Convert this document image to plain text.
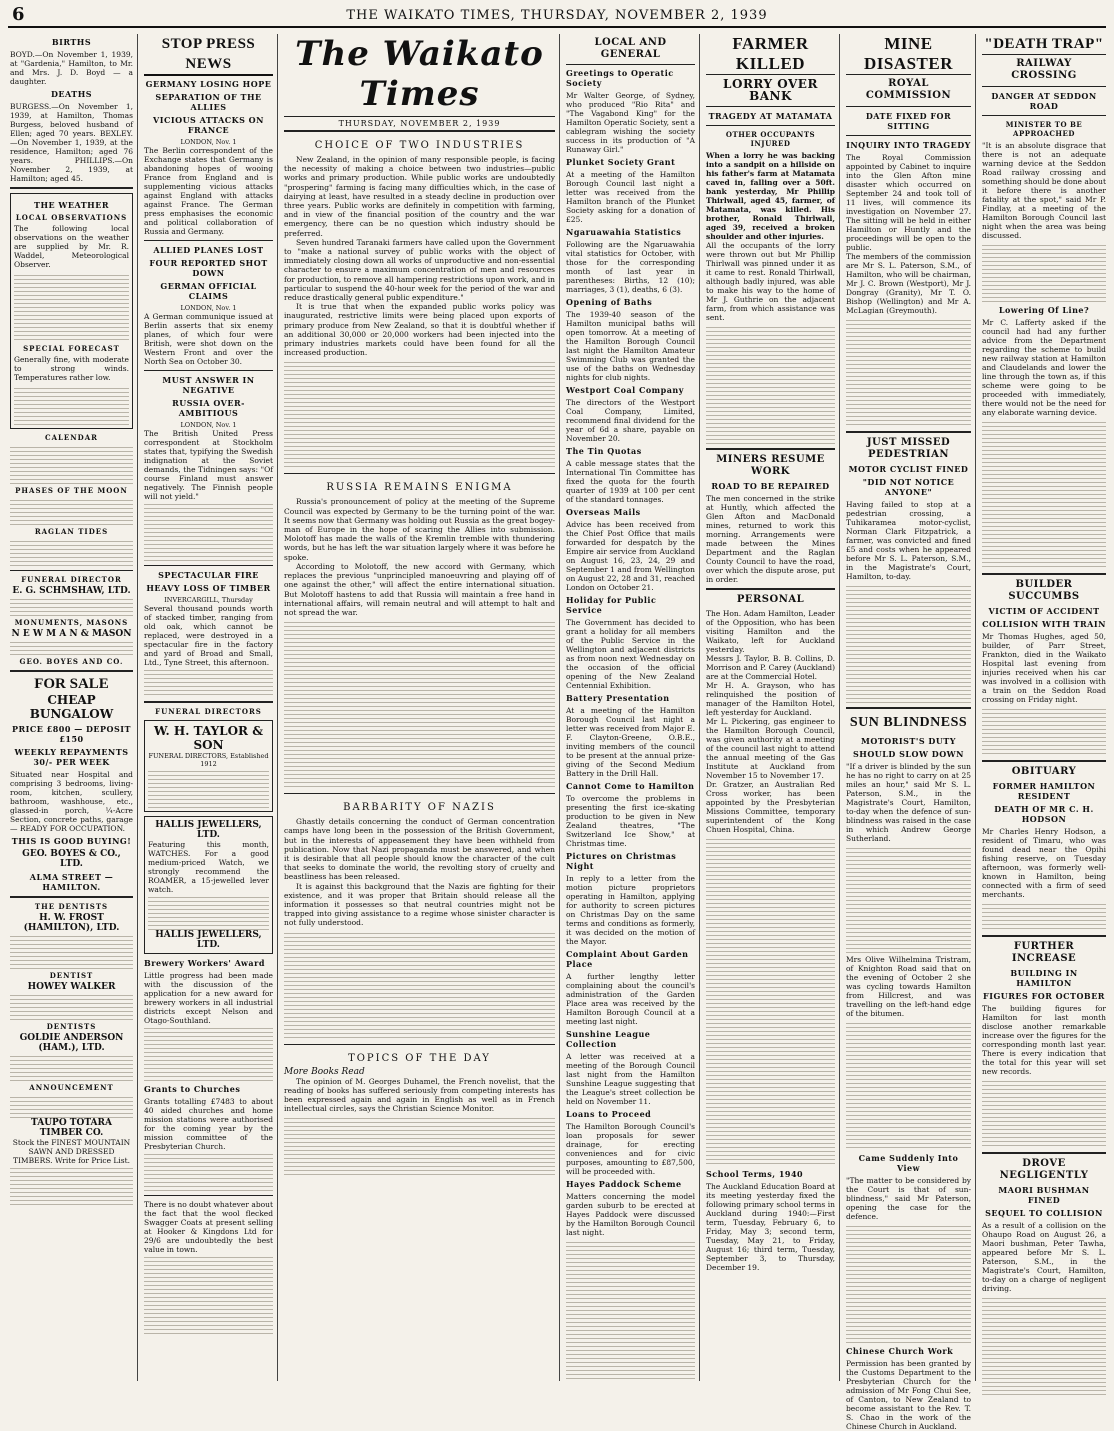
6	THE WAIKATO TIMES, THURSDAY, NOVEMBER 2, 1939
BIRTHS
BOYD.—On November 1, 1939, at "Gardenia," Hamilton, to Mr. and Mrs. J. D. Boyd — a daughter.
DEATHS
BURGESS.—On November 1, 1939, at Hamilton, Thomas Burgess, beloved husband of Ellen; aged 70 years. BEXLEY.—On November 1, 1939, at the residence, Hamilton; aged 76 years. PHILLIPS.—On November 2, 1939, at Hamilton; aged 45.
THE WEATHER
LOCAL OBSERVATIONS
The following local observations on the weather are supplied by Mr. R. Waddel, Meteorological Observer.
SPECIAL FORECAST
Generally fine, with moderate to strong winds. Temperatures rather low.
CALENDAR
PHASES OF THE MOON
RAGLAN TIDES
FUNERAL DIRECTOR
E. G. SCHMSHAW, LTD.
MONUMENTS, MASONS
N E W M A N & MASON
GEO. BOYES AND CO.
FOR SALE
CHEAP BUNGALOW
PRICE £800 — DEPOSIT £150
WEEKLY REPAYMENTS 30/- PER WEEK
Situated near Hospital and comprising 3 bedrooms, living-room, kitchen, scullery, bathroom, washhouse, etc., glassed-in porch, ¼-Acre Section, concrete paths, garage— READY FOR OCCUPATION.
THIS IS GOOD BUYING!
GEO. BOYES & CO., LTD.
ALMA STREET — HAMILTON.
THE DENTISTS
H. W. FROST (HAMILTON), LTD.
DENTIST
HOWEY WALKER
DENTISTS
GOLDIE ANDERSON (HAM.), LTD.
ANNOUNCEMENT
TAUPO TOTARA TIMBER CO.
Stock the FINEST MOUNTAIN SAWN AND DRESSED TIMBERS. Write for Price List.
STOP PRESS NEWS
GERMANY LOSING HOPE
SEPARATION OF THE ALLIES
VICIOUS ATTACKS ON FRANCE
LONDON, Nov. 1
The Berlin correspondent of the Exchange states that Germany is abandoning hopes of wooing France from England and is supplementing vicious attacks against England with attacks against France. The German press emphasises the economic and political collaboration of Russia and Germany.
ALLIED PLANES LOST
FOUR REPORTED SHOT DOWN
GERMAN OFFICIAL CLAIMS
LONDON, Nov. 1
A German communique issued at Berlin asserts that six enemy planes, of which four were British, were shot down on the Western Front and over the North Sea on October 30.
MUST ANSWER IN NEGATIVE
RUSSIA OVER-AMBITIOUS
LONDON, Nov. 1
The British United Press correspondent at Stockholm states that, typifying the Swedish indignation at the Soviet demands, the Tidningen says: "Of course Finland must answer negatively. The Finnish people will not yield."
SPECTACULAR FIRE
HEAVY LOSS OF TIMBER
INVERCARGILL, Thursday
Several thousand pounds worth of stacked timber, ranging from old oak, which cannot be replaced, were destroyed in a spectacular fire in the factory and yard of Broad and Small, Ltd., Tyne Street, this afternoon.
FUNERAL DIRECTORS
W. H. TAYLOR & SON
FUNERAL DIRECTORS, Established 1912
HALLIS JEWELLERS, LTD.
Featuring this month, WATCHES. For a good medium-priced Watch, we strongly recommend the ROAMER, a 15-jewelled lever watch.
HALLIS JEWELLERS, LTD.
Brewery Workers' Award
Little progress had been made with the discussion of the application for a new award for brewery workers in all industrial districts except Nelson and Otago-Southland.
Grants to Churches
Grants totalling £7483 to about 40 aided churches and home mission stations were authorised for the coming year by the mission committee of the Presbyterian Church.
There is no doubt whatever about the fact that the wool flecked Swagger Coats at present selling at Hooker & Kingdons Ltd for 29/6 are undoubtedly the best value in town.
The Waikato Times
THURSDAY, NOVEMBER 2, 1939
CHOICE OF TWO INDUSTRIES
New Zealand, in the opinion of many responsible people, is facing the necessity of making a choice between two industries—public works and primary production. While public works are undoubtedly "prospering" farming is facing many difficulties which, in the case of dairying at least, have resulted in a steady decline in production over three years. Public works are definitely in competition with farming, and in view of the financial position of the country and the war emergency, there can be no question which industry should be preferred.
Seven hundred Taranaki farmers have called upon the Government to "make a national survey of public works with the object of immediately closing down all works of unproductive and non-essential character to ensure a maximum concentration of men and resources for production, to remove all hampering restrictions upon work, and in particular to suspend the 40-hour week for the period of the war and reduce drastically general public expenditure."
It is true that when the expanded public works policy was inaugurated, restrictive limits were being placed upon exports of primary produce from New Zealand, so that it is doubtful whether if an additional 30,000 or 20,000 workers had been injected into the primary industries markets could have been found for all the increased production.
RUSSIA REMAINS ENIGMA
Russia's pronouncement of policy at the meeting of the Supreme Council was expected by Germany to be the turning point of the war. It seems now that Germany was holding out Russia as the great bogey-man of Europe in the hope of scaring the Allies into submission. Molotoff has made the walls of the Kremlin tremble with thundering words, but he has left the war situation largely where it was before he spoke.
According to Molotoff, the new accord with Germany, which replaces the previous "unprincipled manoeuvring and playing off of one against the other," will affect the entire international situation. But Molotoff hastens to add that Russia will maintain a free hand in international affairs, will remain neutral and will attempt to halt and not spread the war.
BARBARITY OF NAZIS
Ghastly details concerning the conduct of German concentration camps have long been in the possession of the British Government, but in the interests of appeasement they have been withheld from publication. Now that Nazi propaganda must be answered, and when it is desirable that all people should know the character of the cult that seeks to dominate the world, the revolting story of cruelty and beastliness has been released.
It is against this background that the Nazis are fighting for their existence, and it was proper that Britain should release all the information it possesses so that neutral countries might not be trapped into giving assistance to a regime whose sinister character is not fully understood.
TOPICS OF THE DAY
More Books Read
The opinion of M. Georges Duhamel, the French novelist, that the reading of books has suffered seriously from competing interests has been expressed again and again in English as well as in French intellectual circles, says the Christian Science Monitor.
LOCAL AND GENERAL
Greetings to Operatic Society
Mr Walter George, of Sydney, who produced "Rio Rita" and "The Vagabond King" for the Hamilton Operatic Society, sent a cablegram wishing the society success in its production of "A Runaway Girl."
Plunket Society Grant
At a meeting of the Hamilton Borough Council last night a letter was received from the Hamilton branch of the Plunket Society asking for a donation of £25.
Ngaruawahia Statistics
Following are the Ngaruawahia vital statistics for October, with those for the corresponding month of last year in parentheses: Births, 12 (10); marriages, 3 (1), deaths, 6 (3).
Opening of Baths
The 1939-40 season of the Hamilton municipal baths will open tomorrow. At a meeting of the Hamilton Borough Council last night the Hamilton Amateur Swimming Club was granted the use of the baths on Wednesday nights for club nights.
Westport Coal Company
The directors of the Westport Coal Company, Limited, recommend final dividend for the year of 6d a share, payable on November 20.
The Tin Quotas
A cable message states that the International Tin Committee has fixed the quota for the fourth quarter of 1939 at 100 per cent of the standard tonnages.
Overseas Mails
Advice has been received from the Chief Post Office that mails forwarded for despatch by the Empire air service from Auckland on August 16, 23, 24, 29 and September 1 and from Wellington on August 22, 28 and 31, reached London on October 21.
Holiday for Public Service
The Government has decided to grant a holiday for all members of the Public Service in the Wellington and adjacent districts as from noon next Wednesday on the occasion of the official opening of the New Zealand Centennial Exhibition.
Battery Presentation
At a meeting of the Hamilton Borough Council last night a letter was received from Major E. F. Clayton-Greene, O.B.E., inviting members of the council to be present at the annual prize-giving of the Second Medium Battery in the Drill Hall.
Cannot Come to Hamilton
To overcome the problems in presenting the first ice-skating production to be given in New Zealand theatres, "The Switzerland Ice Show," at Christmas time.
Pictures on Christmas Night
In reply to a letter from the motion picture proprietors operating in Hamilton, applying for authority to screen pictures on Christmas Day on the same terms and conditions as formerly, it was decided on the motion of the Mayor.
Complaint About Garden Place
A further lengthy letter complaining about the council's administration of the Garden Place area was received by the Hamilton Borough Council at a meeting last night.
Sunshine League Collection
A letter was received at a meeting of the Borough Council last night from the Hamilton Sunshine League suggesting that the League's street collection be held on November 11.
Loans to Proceed
The Hamilton Borough Council's loan proposals for sewer drainage, for erecting conveniences and for civic purposes, amounting to £87,500, will be proceeded with.
Hayes Paddock Scheme
Matters concerning the model garden suburb to be erected at Hayes Paddock were discussed by the Hamilton Borough Council last night.
FARMER KILLED
LORRY OVER BANK
TRAGEDY AT MATAMATA
OTHER OCCUPANTS INJURED
When a lorry he was backing into a sandpit on a hillside on his father's farm at Matamata caved in, falling over a 50ft. bank yesterday, Mr Phillip Thirlwall, aged 45, farmer, of Matamata, was killed. His brother, Ronald Thirlwall, aged 39, received a broken shoulder and other injuries.
All the occupants of the lorry were thrown out but Mr Phillip Thirlwall was pinned under it as it came to rest. Ronald Thirlwall, although badly injured, was able to make his way to the home of Mr J. Guthrie on the adjacent farm, from which assistance was sent.
MINERS RESUME WORK
ROAD TO BE REPAIRED
The men concerned in the strike at Huntly, which affected the Glen Afton and MacDonald mines, returned to work this morning. Arrangements were made between the Mines Department and the Raglan County Council to have the road, over which the dispute arose, put in order.
PERSONAL
The Hon. Adam Hamilton, Leader of the Opposition, who has been visiting Hamilton and the Waikato, left for Auckland yesterday.
Messrs J. Taylor, B. B. Collins, D. Morrison and P. Carey (Auckland) are at the Commercial Hotel.
Mr H. A. Grayson, who has relinquished the position of manager of the Hamilton Hotel, left yesterday for Auckland.
Mr L. Pickering, gas engineer to the Hamilton Borough Council, was given authority at a meeting of the council last night to attend the annual meeting of the Gas Institute at Auckland from November 15 to November 17.
Dr. Gratzer, an Australian Red Cross worker, has been appointed by the Presbyterian Missions Committee, temporary superintendent of the Kong Chuen Hospital, China.
School Terms, 1940
The Auckland Education Board at its meeting yesterday fixed the following primary school terms in Auckland during 1940:—First term, Tuesday, February 6, to Friday, May 3; second term, Tuesday, May 21, to Friday, August 16; third term, Tuesday, September 3, to Thursday, December 19.
MINE DISASTER
ROYAL COMMISSION
DATE FIXED FOR SITTING
INQUIRY INTO TRAGEDY
The Royal Commission appointed by Cabinet to inquire into the Glen Afton mine disaster which occurred on September 24 and took toll of 11 lives, will commence its investigation on November 27. The sitting will be held in either Hamilton or Huntly and the proceedings will be open to the public.
The members of the commission are Mr S. L. Paterson, S.M., of Hamilton, who will be chairman, Mr J. C. Brown (Westport), Mr J. Dongray (Granity), Mr T. O. Bishop (Wellington) and Mr A. McLagian (Greymouth).
JUST MISSED PEDESTRIAN
MOTOR CYCLIST FINED
"DID NOT NOTICE ANYONE"
Having failed to stop at a pedestrian crossing, a Tuhikaramea motor-cyclist, Norman Clark Fitzpatrick, a farmer, was convicted and fined £5 and costs when he appeared before Mr S. L. Paterson, S.M., in the Magistrate's Court, Hamilton, to-day.
SUN BLINDNESS
MOTORIST'S DUTY
SHOULD SLOW DOWN
"If a driver is blinded by the sun he has no right to carry on at 25 miles an hour," said Mr S. L. Paterson, S.M., in the Magistrate's Court, Hamilton, to-day when the defence of sun-blindness was raised in the case in which Andrew George Sutherland.
Mrs Olive Wilhelmina Tristram, of Knighton Road said that on the evening of October 2 she was cycling towards Hamilton from Hillcrest, and was travelling on the left-hand edge of the bitumen.
Came Suddenly Into View
"The matter to be considered by the Court is that of sun-blindness," said Mr Paterson, opening the case for the defence.
Chinese Church Work
Permission has been granted by the Customs Department to the Presbyterian Church for the admission of Mr Fong Chui See, of Canton, to New Zealand to become assistant to the Rev. T. S. Chao in the work of the Chinese Church in Auckland.
"DEATH TRAP"
RAILWAY CROSSING
DANGER AT SEDDON ROAD
MINISTER TO BE APPROACHED
"It is an absolute disgrace that there is not an adequate warning device at the Seddon Road railway crossing and something should be done about it before there is another fatality at the spot," said Mr P. Findlay, at a meeting of the Hamilton Borough Council last night when the area was being discussed.
Lowering Of Line?
Mr C. Lafferty asked if the council had had any further advice from the Department regarding the scheme to build new railway station at Hamilton and Claudelands and lower the line through the town as, if this scheme were going to be proceeded with immediately, there would not be the need for any elaborate warning device.
BUILDER SUCCUMBS
VICTIM OF ACCIDENT
COLLISION WITH TRAIN
Mr Thomas Hughes, aged 50, builder, of Parr Street, Frankton, died in the Waikato Hospital last evening from injuries received when his car was involved in a collision with a train on the Seddon Road crossing on Friday night.
OBITUARY
FORMER HAMILTON RESIDENT
DEATH OF MR C. H. HODSON
Mr Charles Henry Hodson, a resident of Timaru, who was found dead near the Opihi fishing reserve, on Tuesday afternoon, was formerly well-known in Hamilton, being connected with a firm of seed merchants.
FURTHER INCREASE
BUILDING IN HAMILTON
FIGURES FOR OCTOBER
The building figures for Hamilton for last month disclose another remarkable increase over the figures for the corresponding month last year. There is every indication that the total for this year will set new records.
DROVE NEGLIGENTLY
MAORI BUSHMAN FINED
SEQUEL TO COLLISION
As a result of a collision on the Ohaupo Road on August 26, a Maori bushman, Peter Tawha, appeared before Mr S. L. Paterson, S.M., in the Magistrate's Court, Hamilton, to-day on a charge of negligent driving.
